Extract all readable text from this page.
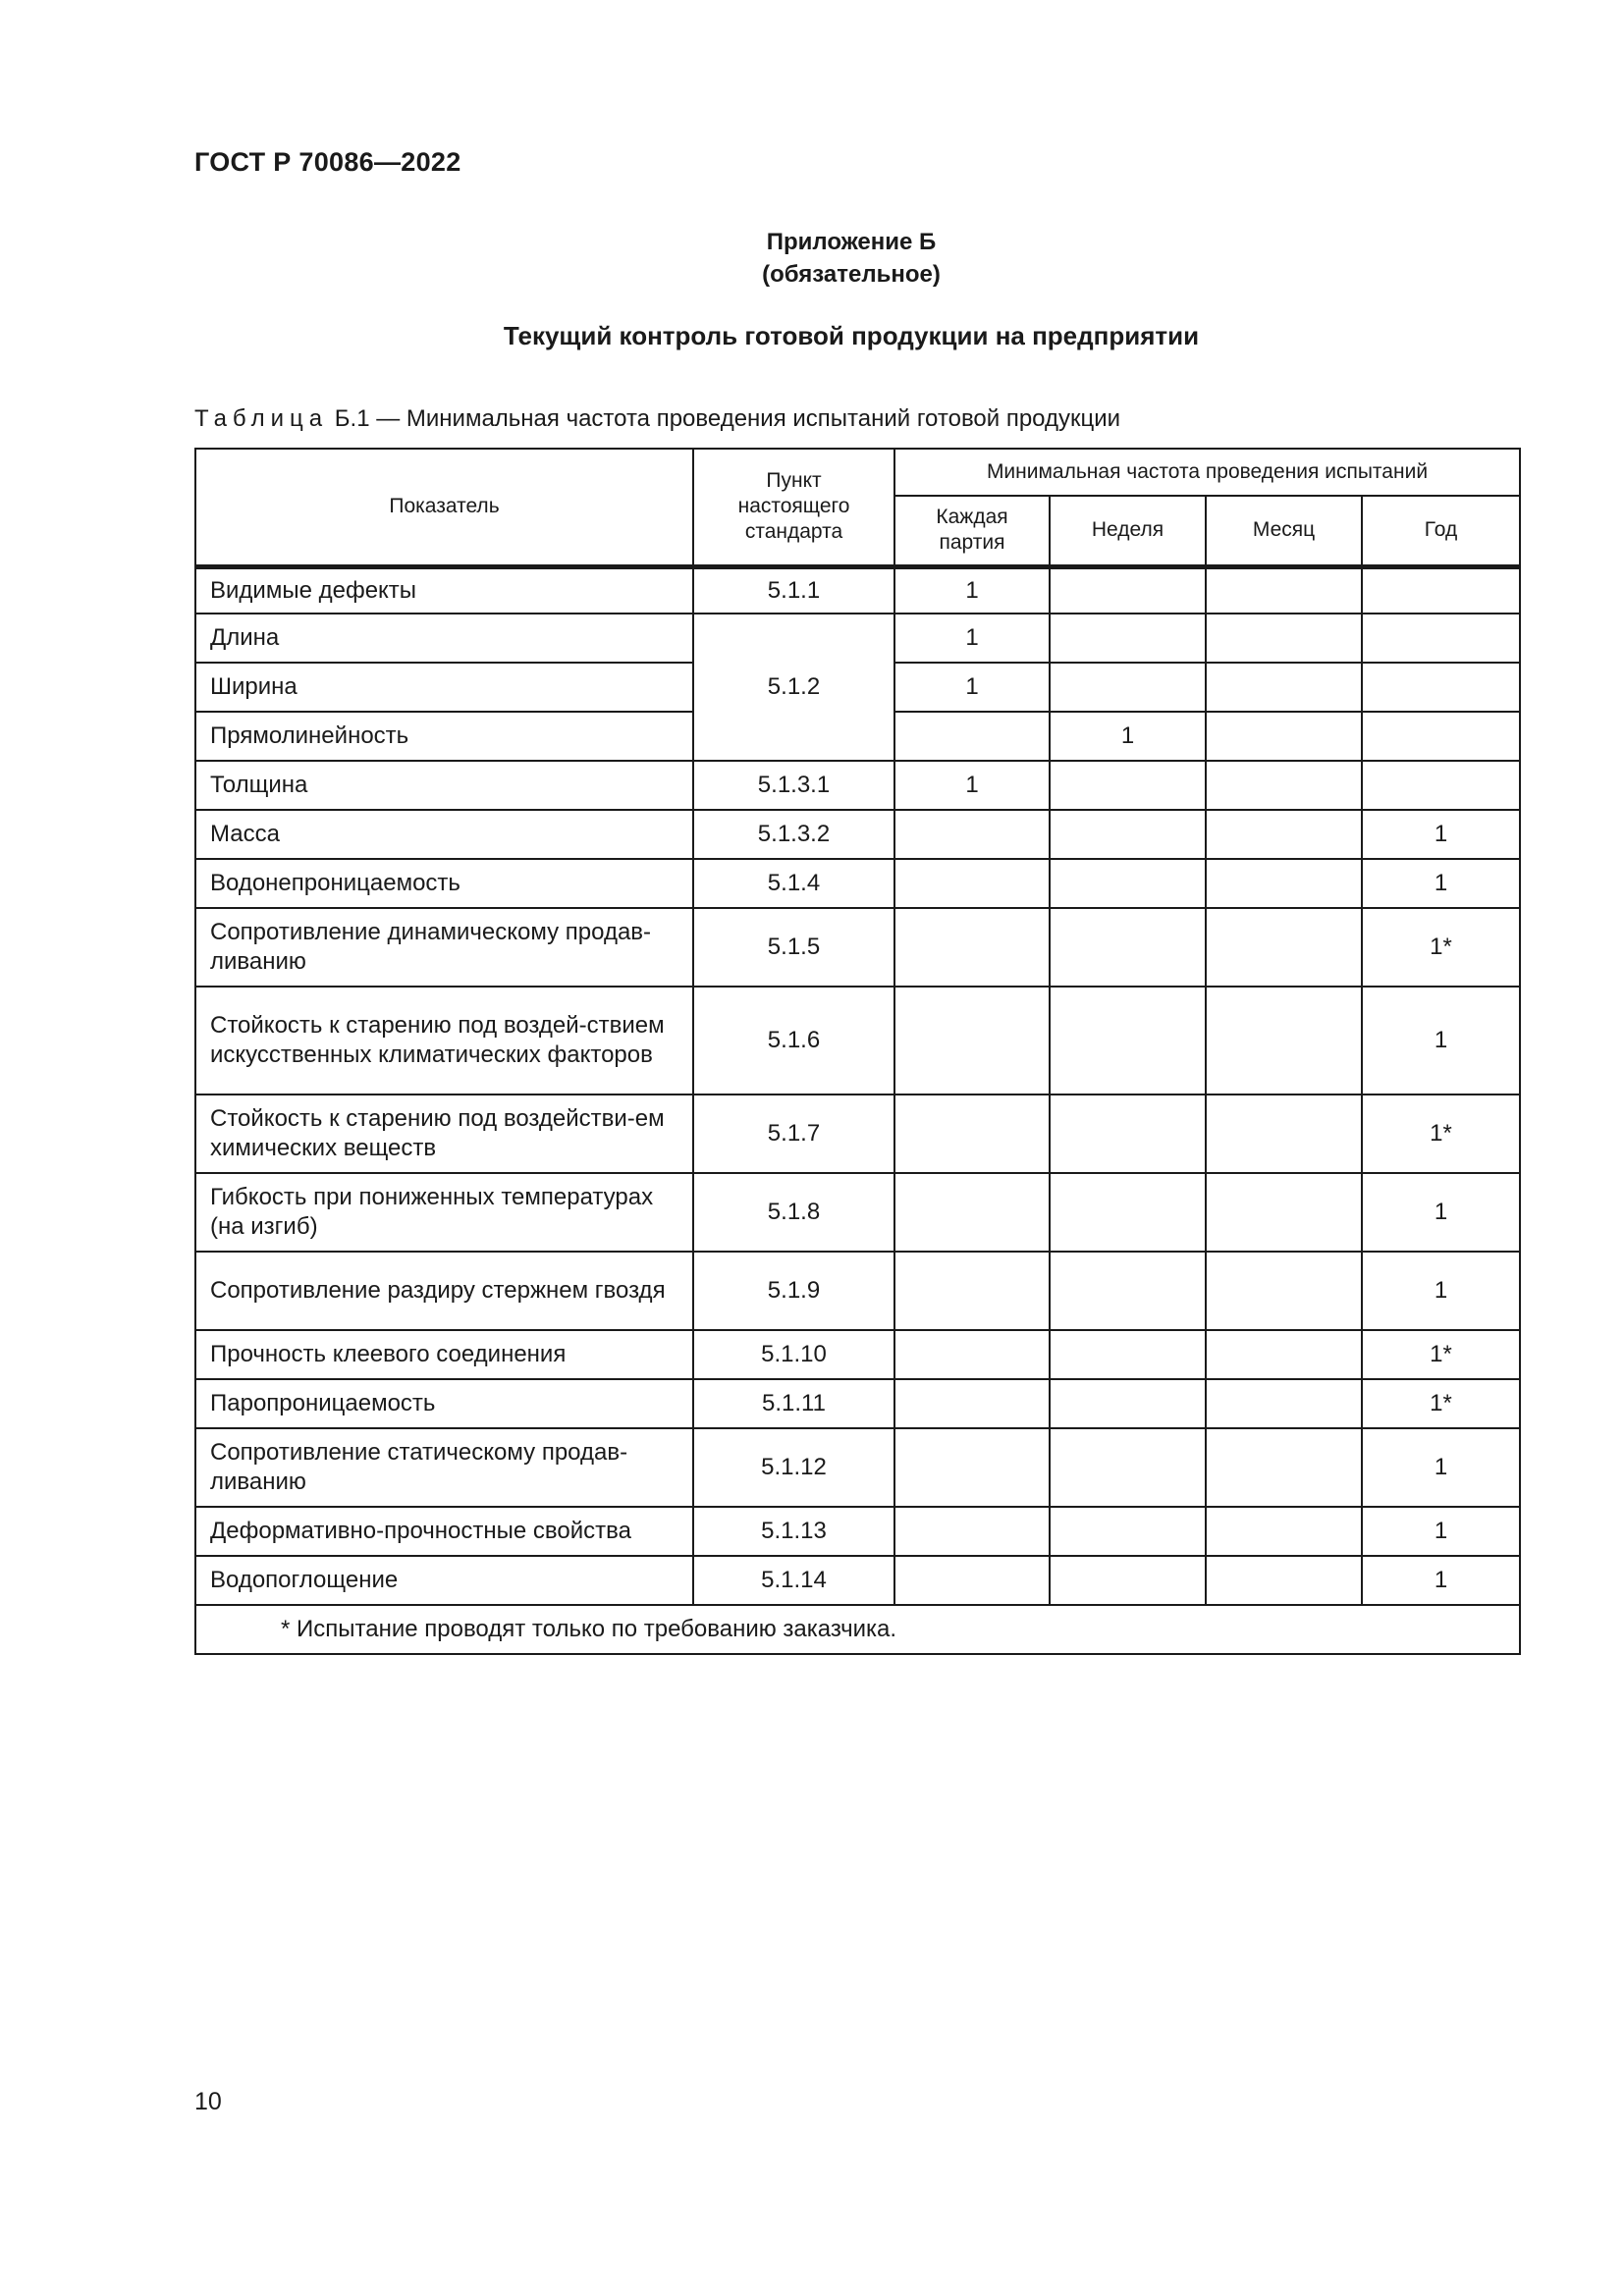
ГОСТ Р 70086—2022
Приложение Б
(обязательное)
Текущий контроль готовой продукции на предприятии
Таблица Б.1 — Минимальная частота проведения испытаний готовой продукции
Показатель	Пункт настоящего стандарта	Минимальная частота проведения испытаний			
		Каждая партия	Неделя	Месяц	Год
Видимые дефекты	5.1.1	1			
Длина	5.1.2	1			
Ширина		1			
Прямолинейность			1		
Толщина	5.1.3.1	1			
Масса	5.1.3.2				1
Водонепроницаемость	5.1.4				1
Сопротивление динамическому продав-ливанию	5.1.5				1*
Стойкость к старению под воздей-ствием искусственных климатических факторов	5.1.6				1
Стойкость к старению под воздействи-ем химических веществ	5.1.7				1*
Гибкость при пониженных температурах (на изгиб)	5.1.8				1
Сопротивление раздиру стержнем гвоздя	5.1.9				1
Прочность клеевого соединения	5.1.10				1*
Паропроницаемость	5.1.11				1*
Сопротивление статическому продав-ливанию	5.1.12				1
Деформативно-прочностные свойства	5.1.13				1
Водопоглощение	5.1.14				1
* Испытание проводят только по требованию заказчика.					
10
